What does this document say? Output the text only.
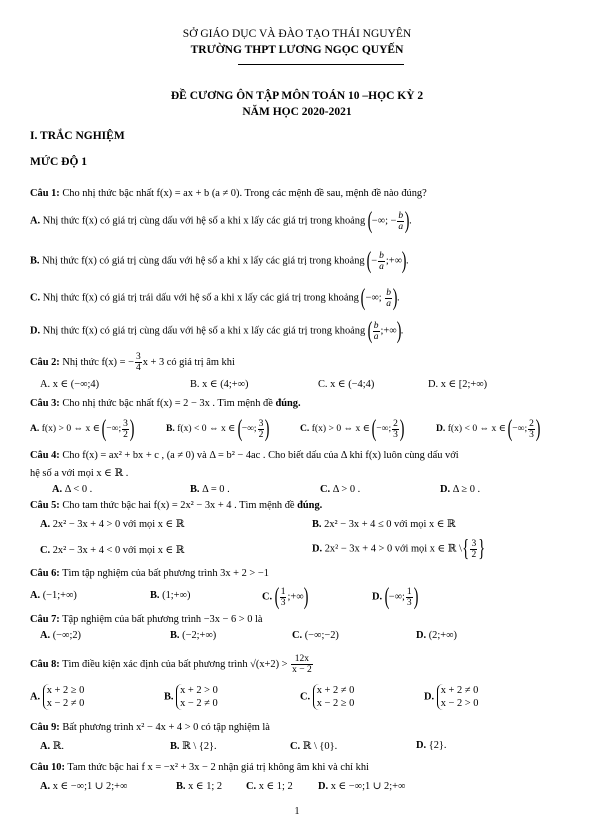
SỞ GIÁO DỤC VÀ ĐÀO TẠO THÁI NGUYÊN
TRƯỜNG THPT LƯƠNG NGỌC QUYẾN
ĐỀ CƯƠNG ÔN TẬP MÔN TOÁN 10 –HỌC KỲ 2
NĂM HỌC 2020-2021
I. TRẮC NGHIỆM
MỨC ĐỘ 1
Câu 1: Cho nhị thức bậc nhất f(x) = ax + b (a ≠ 0). Trong các mệnh đề sau, mệnh đề nào đúng?
A. Nhị thức f(x) có giá trị cùng dấu với hệ số a khi x lấy các giá trị trong khoảng (−∞; − $\frac{b}{a}$ ).
B. Nhị thức f(x) có giá trị cùng dấu với hệ số a khi x lấy các giá trị trong khoảng (− $\frac{b}{a}$ ;+∞).
C. Nhị thức f(x) có giá trị trái dấu với hệ số a khi x lấy các giá trị trong khoảng (−∞; $\frac{b}{a}$ ).
D. Nhị thức f(x) có giá trị cùng dấu với hệ số a khi x lấy các giá trị trong khoảng ( $\frac{b}{a}$ ;+∞).
Câu 2: Nhị thức f(x) = − $\frac{3}{4}$ x + 3 có giá trị âm khi
A. x ∈ (−∞;4)	B. x ∈ (4;+∞)	C. x ∈ (−4;4)	D. x ∈ [2;+∞)
Câu 3: Cho nhị thức bậc nhất f(x) = 2 − 3x . Tìm mệnh đề đúng.
A. f(x) > 0 ⇔ x ∈ (−∞; $\frac{3}{2}$ )	B. f(x) < 0 ⇔ x ∈ (−∞; $\frac{3}{2}$ )	C. f(x) > 0 ⇔ x ∈ (−∞; $\frac{2}{3}$ )	D. f(x) < 0 ⇔ x ∈ (−∞; $\frac{2}{3}$ )
Câu 4: Cho f(x) = ax² + bx + c , (a ≠ 0) và Δ = b² − 4ac . Cho biết dấu của Δ khi f(x) luôn cùng dấu với
hệ số a với mọi x ∈ ℝ .
A. Δ < 0 .	B. Δ = 0 .	C. Δ > 0 .	D. Δ ≥ 0 .
Câu 5: Cho tam thức bậc hai f(x) = 2x² − 3x + 4 . Tìm mệnh đề đúng.
A. 2x² − 3x + 4 > 0 với mọi x ∈ ℝ	B. 2x² − 3x + 4 ≤ 0 với mọi x ∈ ℝ
C. 2x² − 3x + 4 < 0 với mọi x ∈ ℝ	D. 2x² − 3x + 4 > 0 với mọi x ∈ ℝ \{ $\frac{3}{2}$ }
Câu 6: Tìm tập nghiệm của bất phương trình 3x + 2 > −1
A. (−1;+∞)	B. (1;+∞)	C. ( $\frac{1}{3}$ ;+∞)	D. (−∞; $\frac{1}{3}$ )
Câu 7: Tập nghiệm của bất phương trình −3x − 6 > 0 là
A. (−∞;2)	B. (−2;+∞)	C. (−∞;−2)	D. (2;+∞)
Câu 8: Tìm điều kiện xác định của bất phương trình $√(x+2) > \frac{12x}{x - 2}$
A. x + 2 ≥ 0
x − 2 ≠ 0
B. x + 2 > 0
x − 2 ≠ 0
C. x + 2 ≠ 0
x − 2 ≥ 0
D. x + 2 ≠ 0
x − 2 > 0
Câu 9: Bất phương trình x² − 4x + 4 > 0 có tập nghiệm là
A. ℝ.	B. ℝ \ {2}.	C. ℝ \ {0}.	D. {2}.
Câu 10: Tam thức bậc hai f x = −x² + 3x − 2 nhận giá trị không âm khi và chỉ khi
A. x ∈ −∞;1 ∪ 2;+∞	B. x ∈ 1; 2 C. x ∈ 1; 2 D. x ∈ −∞;1 ∪ 2;+∞
1
